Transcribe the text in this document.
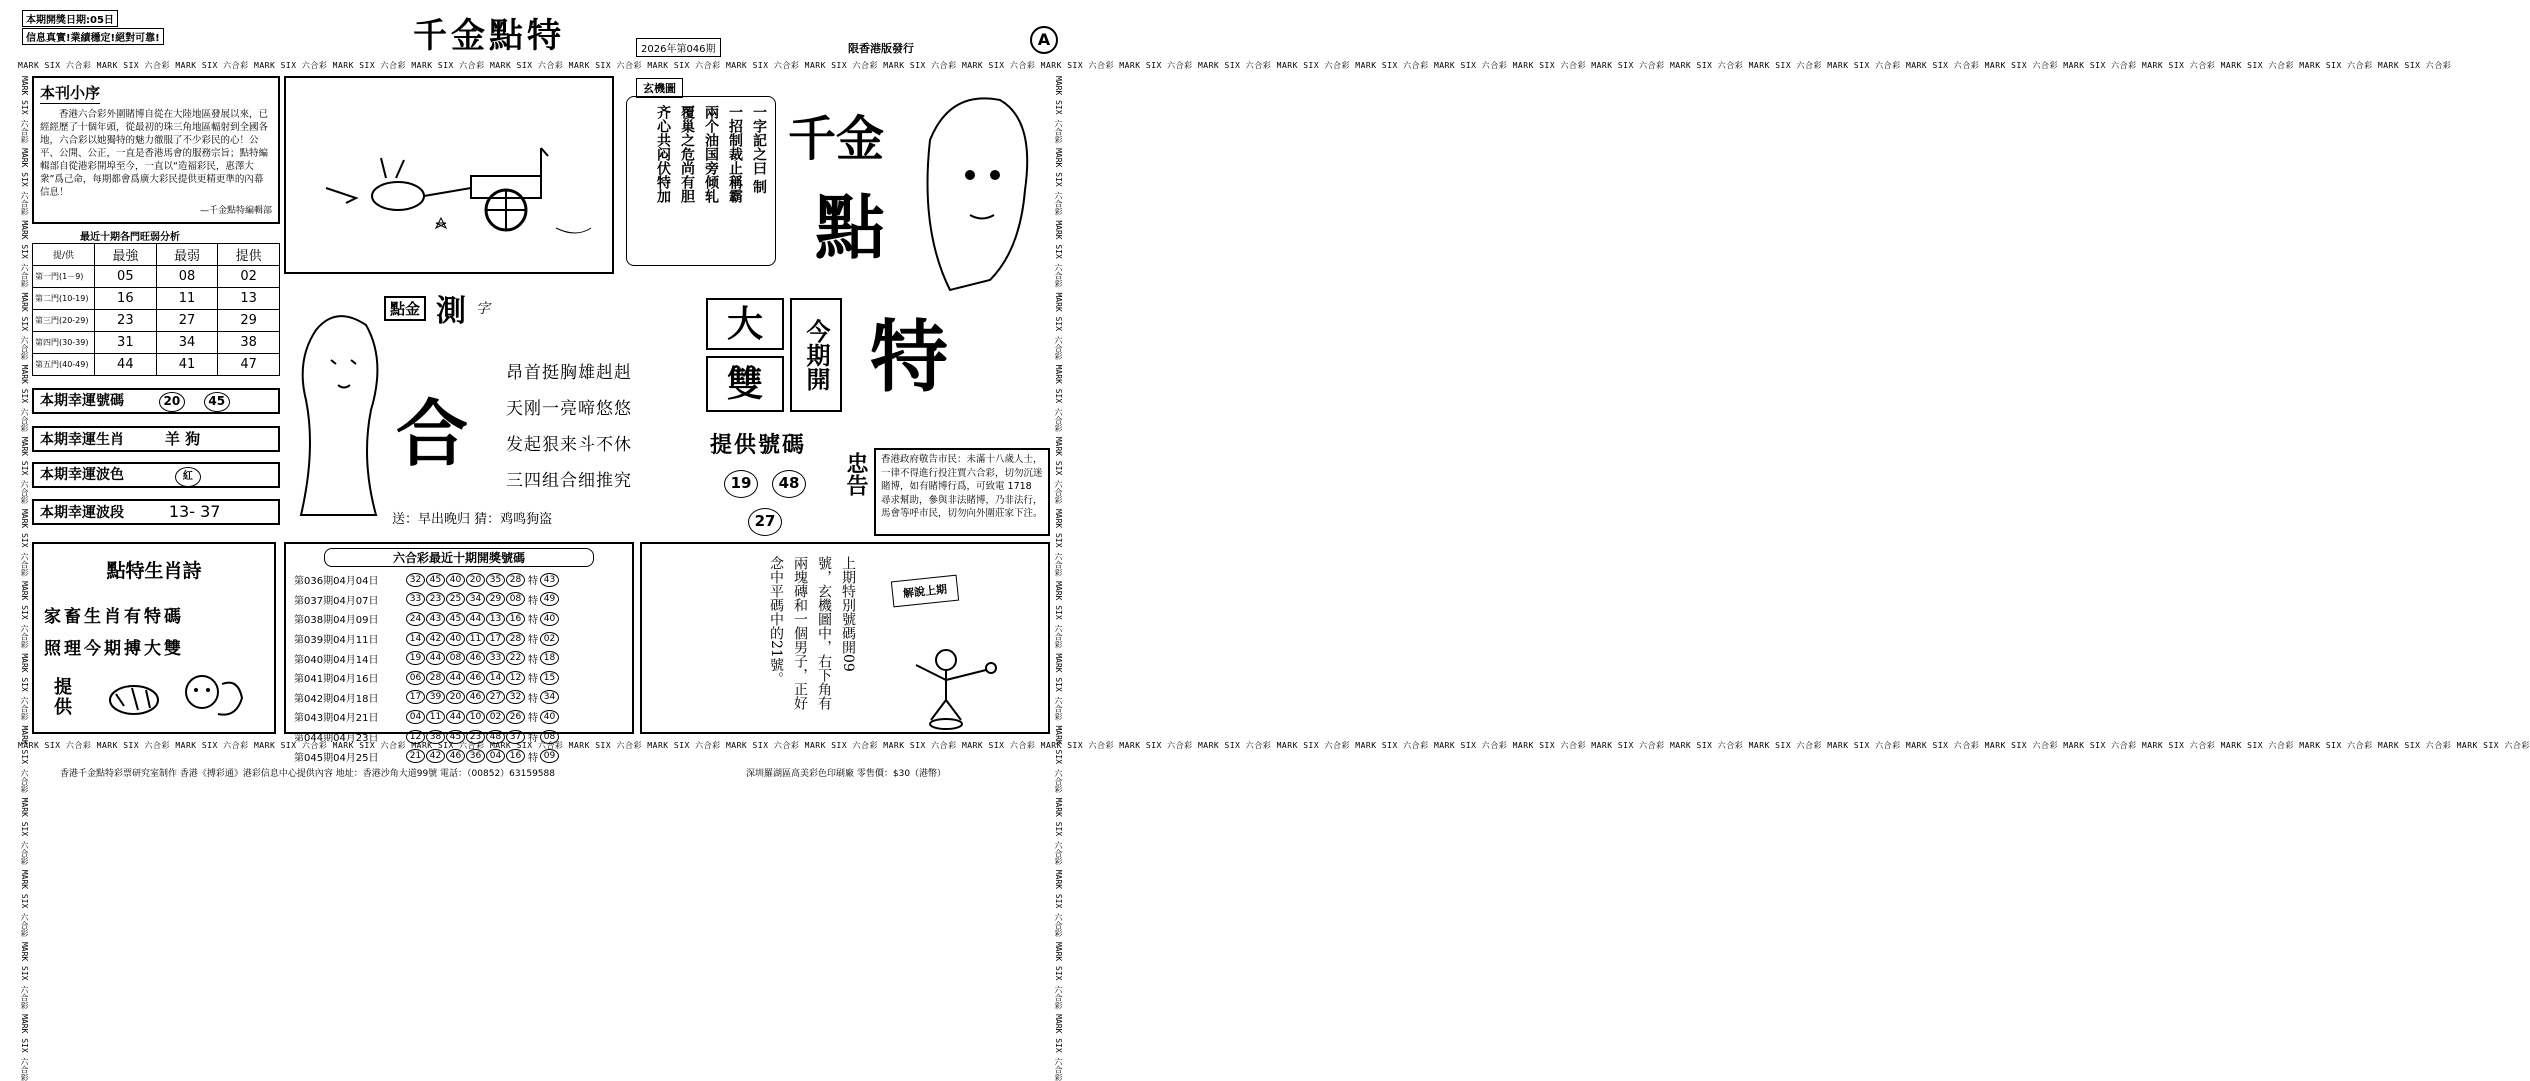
本期開獎日期:05日
信息真實!業績穩定!絕對可靠!	千金點特	2026年第046期	限香港版發行	A
MARK SIX 六合彩 MARK SIX 六合彩 MARK SIX 六合彩 MARK SIX 六合彩 MARK SIX 六合彩 MARK SIX 六合彩 MARK SIX 六合彩 MARK SIX 六合彩 MARK SIX 六合彩 MARK SIX 六合彩 MARK SIX 六合彩 MARK SIX 六合彩 MARK SIX 六合彩 MARK SIX 六合彩 MARK SIX 六合彩 MARK SIX 六合彩 MARK SIX 六合彩 MARK SIX 六合彩 MARK SIX 六合彩 MARK SIX 六合彩 MARK SIX 六合彩 MARK SIX 六合彩 MARK SIX 六合彩 MARK SIX 六合彩 MARK SIX 六合彩 MARK SIX 六合彩 MARK SIX 六合彩 MARK SIX 六合彩 MARK SIX 六合彩 MARK SIX 六合彩 MARK SIX 六合彩
MARK SIX 六合彩 MARK SIX 六合彩 MARK SIX 六合彩 MARK SIX 六合彩 MARK SIX 六合彩 MARK SIX 六合彩 MARK SIX 六合彩 MARK SIX 六合彩 MARK SIX 六合彩 MARK SIX 六合彩 MARK SIX 六合彩 MARK SIX 六合彩 MARK SIX 六合彩 MARK SIX 六合彩 MARK SIX 六合彩 MARK SIX 六合彩 MARK SIX 六合彩 MARK SIX 六合彩 MARK SIX 六合彩 MARK SIX 六合彩 MARK SIX 六合彩 MARK SIX 六合彩 MARK SIX 六合彩 MARK SIX 六合彩 MARK SIX 六合彩 MARK SIX 六合彩 MARK SIX 六合彩 MARK SIX 六合彩 MARK SIX 六合彩 MARK SIX 六合彩 MARK SIX 六合彩 MARK SIX 六合彩
MARK SIX 六合彩 MARK SIX 六合彩 MARK SIX 六合彩 MARK SIX 六合彩 MARK SIX 六合彩 MARK SIX 六合彩 MARK SIX 六合彩 MARK SIX 六合彩 MARK SIX 六合彩 MARK SIX 六合彩 MARK SIX 六合彩 MARK SIX 六合彩 MARK SIX 六合彩 MARK SIX 六合彩	MARK SIX 六合彩 MARK SIX 六合彩 MARK SIX 六合彩 MARK SIX 六合彩 MARK SIX 六合彩 MARK SIX 六合彩 MARK SIX 六合彩 MARK SIX 六合彩 MARK SIX 六合彩 MARK SIX 六合彩 MARK SIX 六合彩 MARK SIX 六合彩 MARK SIX 六合彩 MARK SIX 六合彩
本刊小序
香港六合彩外圍賭博自從在大陸地區發展以來，已經經歷了十個年頭，從最初的珠三角地區輻射到全國各地，六合彩以她獨特的魅力徹服了不少彩民的心！公平、公開、公正，一直是香港馬會的服務宗旨；點特編輯部自從港彩開埠至今，一直以“造福彩民，惠澤大衆”爲己命，每期都會爲廣大彩民提供更精更準的內幕信息！
—千金點特編輯部
最近十期各門旺弱分析
提/供	最強	最弱	提供
第一門(1－9)	05	08	02
第二門(10-19)	16	11	13
第三門(20-29)	23	27	29
第四門(30-39)	31	34	38
第五門(40-49)	44	41	47
本期幸運號碼	20 45
本期幸運生肖	羊 狗
本期幸運波色	紅
本期幸運波段	13- 37
玄機圖
一字記之曰 制
一招制裁止稱霸
兩个油国旁倾轧
覆巢之危尚有胆
齐心共闷伏特加 千金
點
特
大
雙	今期開
提供號碼
19	48
27
忠告	香港政府敬告市民：未滿十八歲人士，一律不得進行投注賈六合彩，切勿沉迷賭博，如有賭博行爲，可致電 1718 尋求幫助，參與非法賭博，乃非法行，馬會等呼市民，切勿向外圍莊家下注。
點金 測 字
合
昂首挺胸雄赳赳
天刚一亮啼悠悠
发起狠来斗不休
三四组合细推究
送：早出晚归 猜：鸡鸣狗盗
點特生肖詩
家畜生肖有特碼
照理今期搏大雙
提供
六合彩最近十期開獎號碼
第036期04月04日	32 45 40 20 35 28 特 43
第037期04月07日	33 23 25 34 29 08 特 49
第038期04月09日	24 43 45 44 13 16 特 40
第039期04月11日	14 42 40 11 17 28 特 02
第040期04月14日	19 44 08 46 33 22 特 18
第041期04月16日	06 28 44 46 14 12 特 15
第042期04月18日	17 39 20 46 27 32 特 34
第043期04月21日	04 11 44 10 02 26 特 40
第044期04月23日	12 38 45 23 48 37 特 08
第045期04月25日	21 42 46 36 04 16 特 09
上期特別號碼開09
號，玄機圖中，右下角有
兩塊磚和一個男子，正好
念中平碼中的21號。	解說上期
香港千金點特彩票研究室制作 香港《搏彩通》港彩信息中心提供內容 地址：香港沙角大道99號 電話：（00852）63159588	深圳羅湖區高美彩色印刷廠 零售價：$30（港幣）
